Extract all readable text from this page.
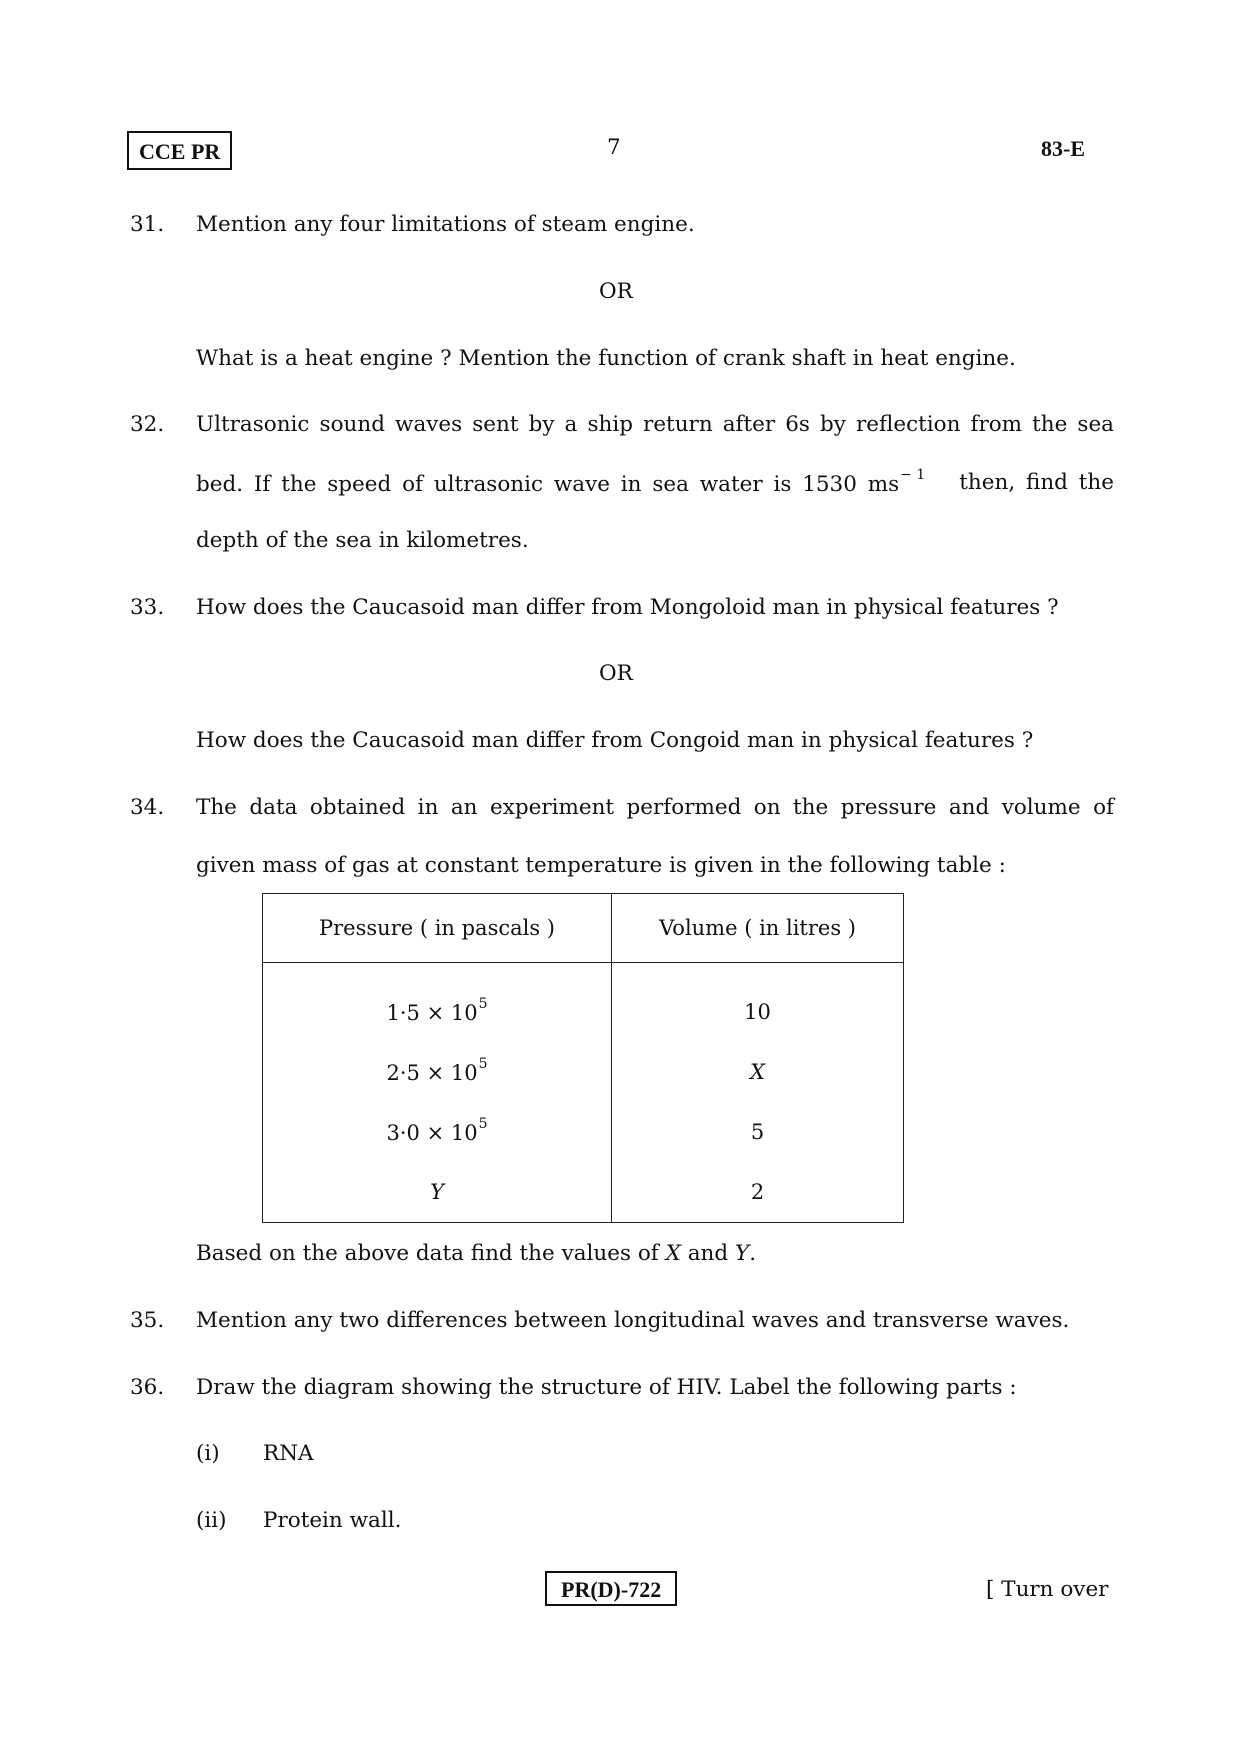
CCE PR	7	83-E
31.	Mention any four limitations of steam engine.
OR
What is a heat engine ? Mention the function of crank shaft in heat engine.
32.	Ultrasonic sound waves sent by a ship return after 6s by reflection from the sea
bed. If the speed of ultrasonic wave in sea water is 1530 $ms^{- 1}$ then, find the
depth of the sea in kilometres.
33.	How does the Caucasoid man differ from Mongoloid man in physical features ?
OR
How does the Caucasoid man differ from Congoid man in physical features ?
34.	The data obtained in an experiment performed on the pressure and volume of
given mass of gas at constant temperature is given in the following table :
Pressure ( in pascals )	Volume ( in litres )
$1\cdot 5 \times 10^5$	10
$2\cdot 5 \times 10^5$	X
$3\cdot 0 \times 10^5$	5
Y	2
Based on the above data find the values of X and Y.
35.	Mention any two differences between longitudinal waves and transverse waves.
36.	Draw the diagram showing the structure of HIV. Label the following parts :
(i) RNA
(ii) Protein wall.
PR(D)-722	[ Turn over
